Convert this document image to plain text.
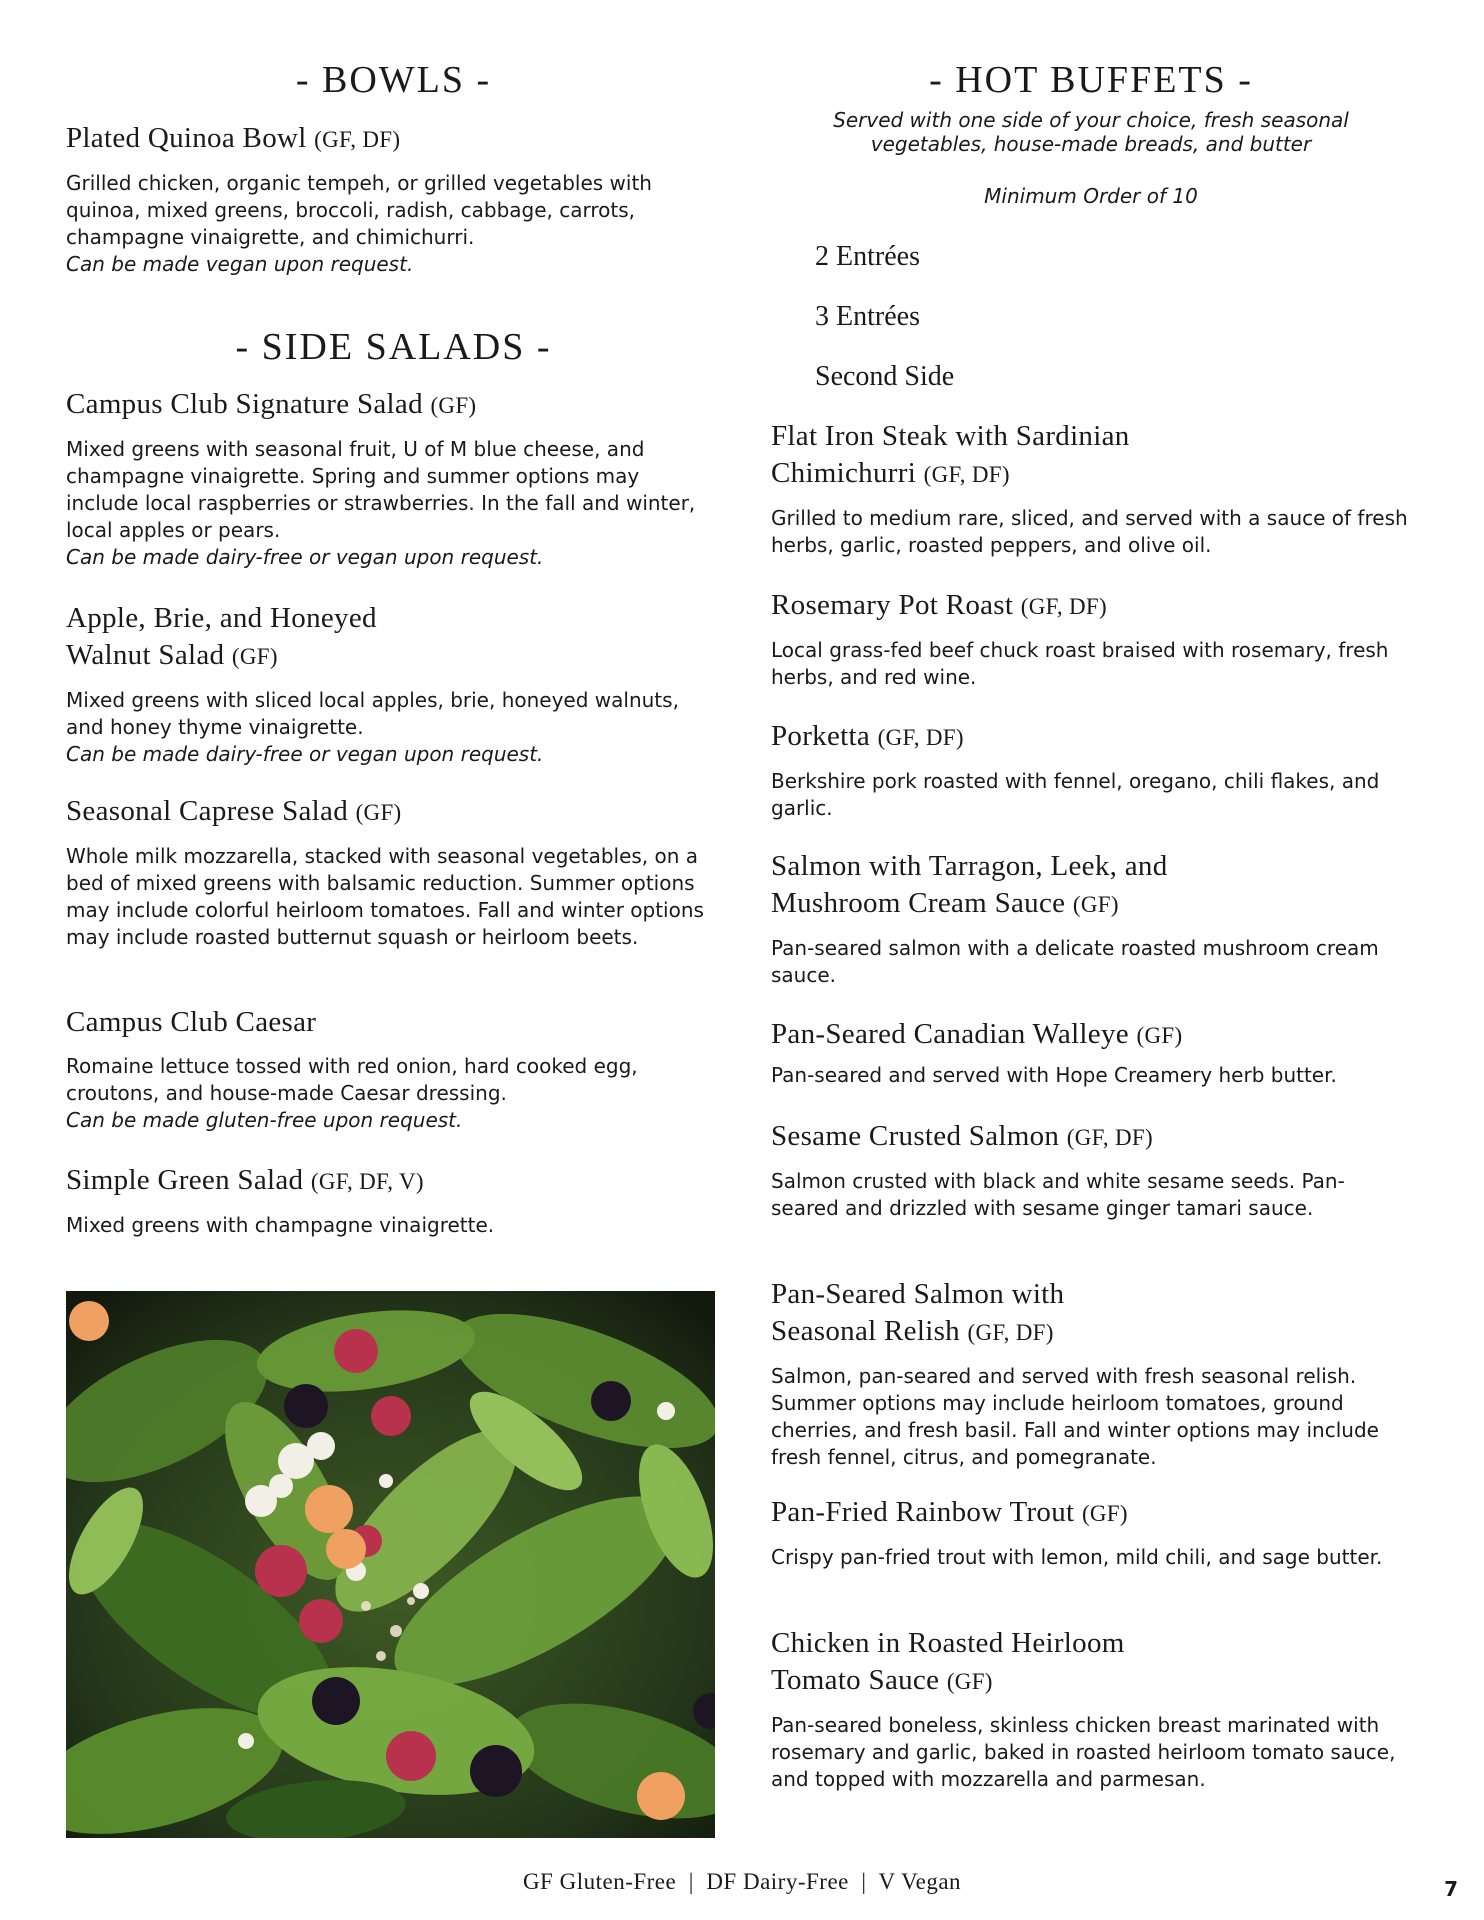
- BOWLS -

Plated Quinoa Bowl (GF, DF)

Grilled chicken, organic tempeh, or grilled vegetables with quinoa, mixed greens, broccoli, radish, cabbage, carrots, champagne vinaigrette, and chimichurri.
Can be made vegan upon request.

- SIDE SALADS -

Campus Club Signature Salad (GF)

Mixed greens with seasonal fruit, U of M blue cheese, and champagne vinaigrette. Spring and summer options may include local raspberries or strawberries. In the fall and winter, local apples or pears.
Can be made dairy-free or vegan upon request.

Apple, Brie, and Honeyed
Walnut Salad (GF)

Mixed greens with sliced local apples, brie, honeyed walnuts, and honey thyme vinaigrette.
Can be made dairy-free or vegan upon request.

Seasonal Caprese Salad (GF)

Whole milk mozzarella, stacked with seasonal vegetables, on a bed of mixed greens with balsamic reduction. Summer options may include colorful heirloom tomatoes. Fall and winter options may include roasted butternut squash or heirloom beets.

Campus Club Caesar

Romaine lettuce tossed with red onion, hard cooked egg, croutons, and house-made Caesar dressing.
Can be made gluten-free upon request.

Simple Green Salad (GF, DF, V)

Mixed greens with champagne vinaigrette.

- HOT BUFFETS -

Served with one side of your choice, fresh seasonal vegetables, house-made breads, and butter

Minimum Order of 10

2 Entrées

3 Entrées

Second Side

Flat Iron Steak with Sardinian
Chimichurri (GF, DF)

Grilled to medium rare, sliced, and served with a sauce of fresh herbs, garlic, roasted peppers, and olive oil.

Rosemary Pot Roast (GF, DF)

Local grass-fed beef chuck roast braised with rosemary, fresh herbs, and red wine.

Porketta (GF, DF)

Berkshire pork roasted with fennel, oregano, chili flakes, and garlic.

Salmon with Tarragon, Leek, and
Mushroom Cream Sauce (GF)

Pan-seared salmon with a delicate roasted mushroom cream sauce.

Pan-Seared Canadian Walleye (GF)

Pan-seared and served with Hope Creamery herb butter.

Sesame Crusted Salmon (GF, DF)

Salmon crusted with black and white sesame seeds. Pan-seared and drizzled with sesame ginger tamari sauce.

Pan-Seared Salmon with
Seasonal Relish (GF, DF)

Salmon, pan-seared and served with fresh seasonal relish. Summer options may include heirloom tomatoes, ground cherries, and fresh basil. Fall and winter options may include fresh fennel, citrus, and pomegranate.

Pan-Fried Rainbow Trout (GF)

Crispy pan-fried trout with lemon, mild chili, and sage butter.

Chicken in Roasted Heirloom
Tomato Sauce (GF)

Pan-seared boneless, skinless chicken breast marinated with rosemary and garlic, baked in roasted heirloom tomato sauce, and topped with mozzarella and parmesan.

GF Gluten-Free  |  DF Dairy-Free  |  V Vegan	7
